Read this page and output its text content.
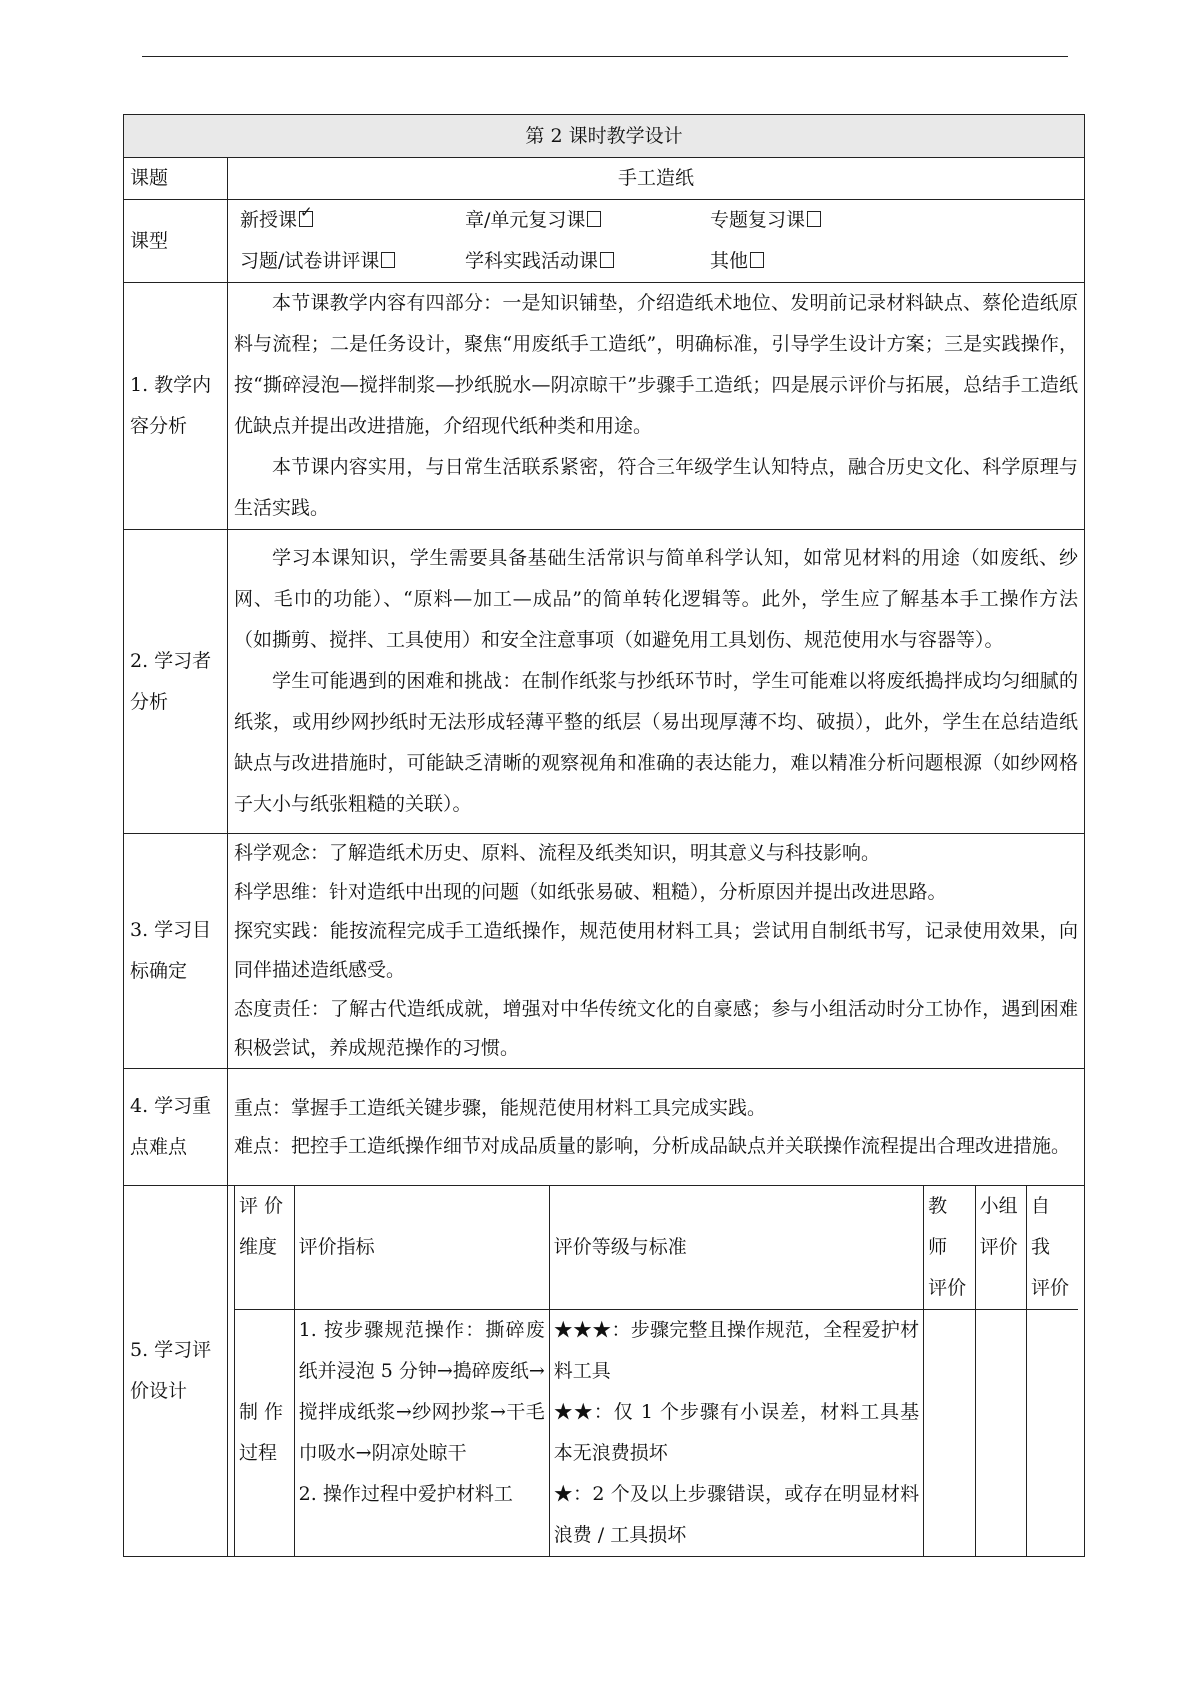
第 2 课时教学设计
课题	手工造纸
课型	
新授课✓	章/单元复习课	专题复习课
习题/试卷讲评课	学科实践活动课	其他

1. 教学内
容分析

本节课教学内容有四部分：一是知识铺垫，介绍造纸术地位、发明前记录材料缺点、蔡伦造纸原料与流程；二是任务设计，聚焦“用废纸手工造纸”，明确标准，引导学生设计方案；三是实践操作，按“撕碎浸泡—搅拌制浆—抄纸脱水—阴凉晾干”步骤手工造纸；四是展示评价与拓展，总结手工造纸优缺点并提出改进措施，介绍现代纸种类和用途。

本节课内容实用，与日常生活联系紧密，符合三年级学生认知特点，融合历史文化、科学原理与生活实践。

2. 学习者
分析

学习本课知识，学生需要具备基础生活常识与简单科学认知，如常见材料的用途（如废纸、纱网、毛巾的功能）、“原料—加工—成品”的简单转化逻辑等。此外，学生应了解基本手工操作方法（如撕剪、搅拌、工具使用）和安全注意事项（如避免用工具划伤、规范使用水与容器等）。

学生可能遇到的困难和挑战：在制作纸浆与抄纸环节时，学生可能难以将废纸搗拌成均匀细腻的纸浆，或用纱网抄纸时无法形成轻薄平整的纸层（易出现厚薄不均、破损），此外，学生在总结造纸缺点与改进措施时，可能缺乏清晰的观察视角和准确的表达能力，难以精准分析问题根源（如纱网格子大小与纸张粗糙的关联）。

3. 学习目
标确定

科学观念：了解造纸术历史、原料、流程及纸类知识，明其意义与科技影响。

科学思维：针对造纸中出现的问题（如纸张易破、粗糙），分析原因并提出改进思路。

探究实践：能按流程完成手工造纸操作，规范使用材料工具；尝试用自制纸书写，记录使用效果，向同伴描述造纸感受。

态度责任：了解古代造纸成就，增强对中华传统文化的自豪感；参与小组活动时分工协作，遇到困难积极尝试，养成规范操作的习惯。

4. 学习重
点难点

重点：掌握手工造纸关键步骤，能规范使用材料工具完成实践。

难点：把控手工造纸操作细节对成品质量的影响，分析成品缺点并关联操作流程提出合理改进措施。

5. 学习评
价设计

评 价
维度	评价指标	评价等级与标准	
教 师
评价

小组
评价

自 我
评价

制 作过程	

1. 按步骤规范操作：撕碎废纸并浸泡 5 分钟→搗碎废纸→搅拌成纸浆→纱网抄浆→干毛巾吸水→阴凉处晾干

2. 操作过程中爱护材料工

★★★：步骤完整且操作规范，全程爱护材料工具

★★：仅 1 个步骤有小误差，材料工具基本无浪费损坏

★：2 个及以上步骤错误，或存在明显材料浪费 / 工具损坏
